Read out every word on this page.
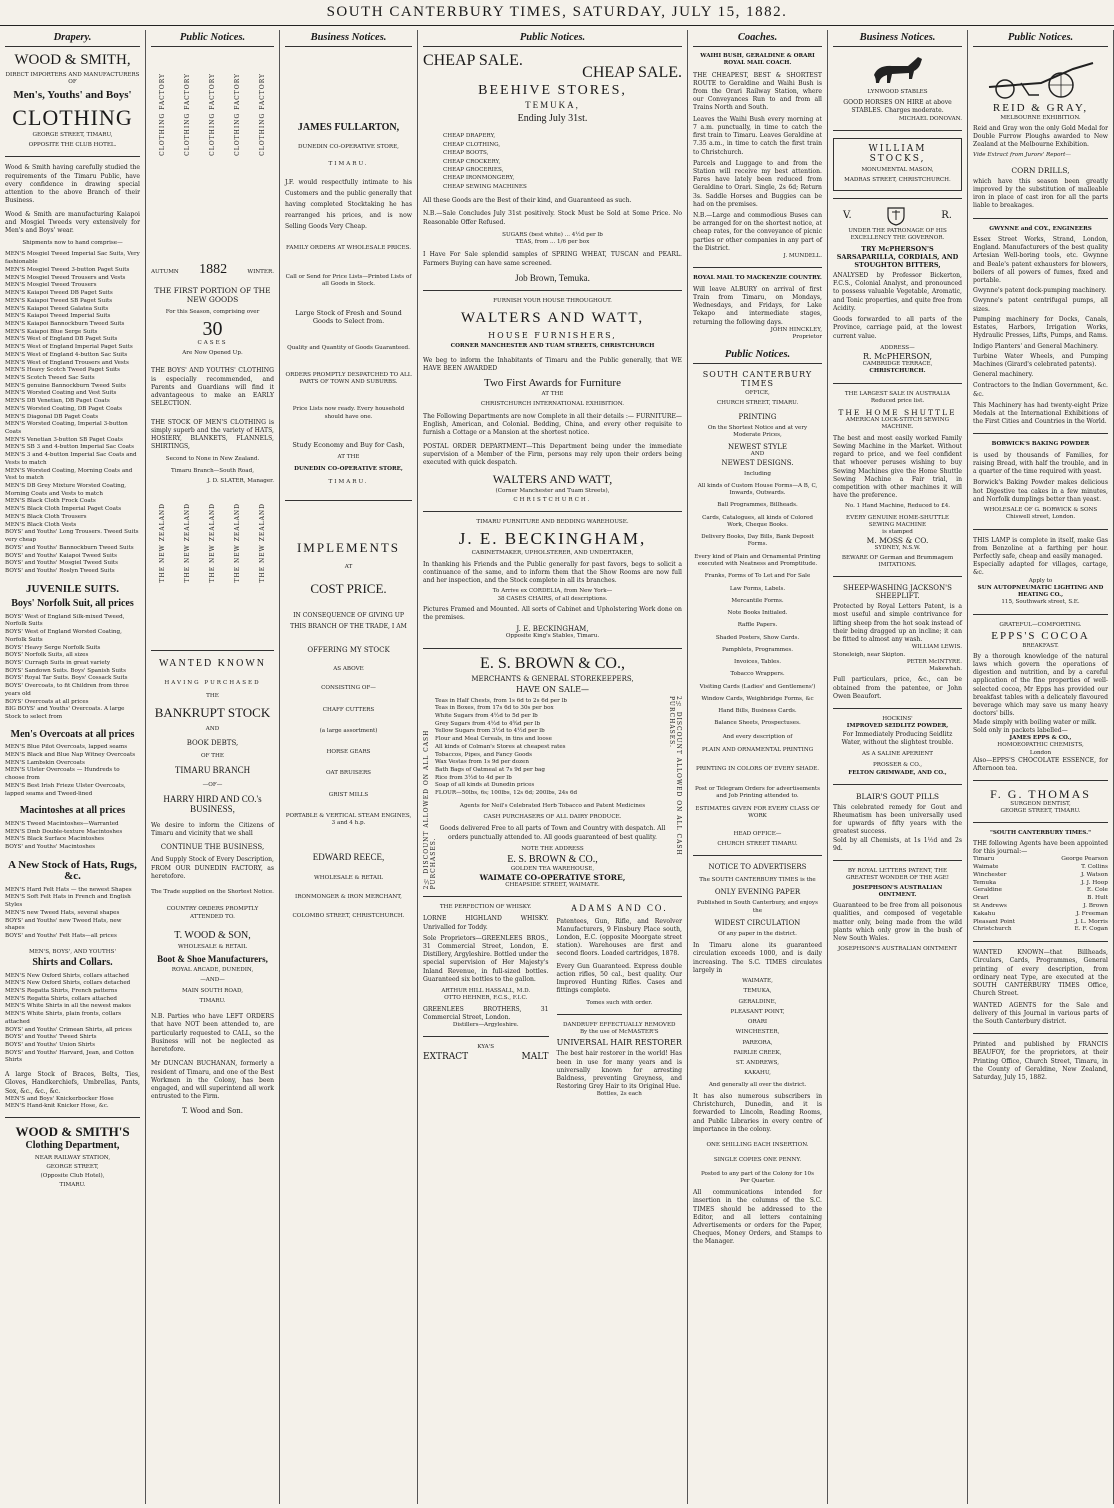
SOUTH CANTERBURY TIMES, SATURDAY, JULY 15, 1882.
Drapery.
WOOD & SMITH,
DIRECT IMPORTERS AND MANUFACTURERS OF
Men's, Youths' and Boys'
CLOTHING
GEORGE STREET, TIMARU,
OPPOSITE THE CLUB HOTEL.
Wood & Smith having carefully studied the requirements of the Timaru Public, have every confidence in drawing special attention to the above Branch of their Business.
Wood & Smith are manufacturing Kaiapoi and Mosgiel Tweeds very extensively for Men's and Boys' wear.
Shipments now to hand comprise—
MEN'S Mosgiel Tweed Imperial Sac Suits, Very fashionable
MEN'S Mosgiel Tweed 3-button Paget Suits
MEN'S Mosgiel Tweed Trousers and Vests
MEN'S Mosgiel Tweed Trousers
MEN'S Kaiapoi Tweed DB Paget Suits
MEN'S Kaiapoi Tweed SB Paget Suits
MEN'S Kaiapoi Tweed Galatea Suits
MEN'S Kaiapoi Tweed Imperial Suits
MEN'S Kaiapoi Bannockburn Tweed Suits
MEN'S Kaiapoi Blue Serge Suits
MEN'S West of England DB Paget Suits
MEN'S West of England Imperial Paget Suits
MEN'S West of England 4-button Sac Suits
MEN'S West of England Trousers and Vests
MEN'S Heavy Scotch Tweed Paget Suits
MEN'S Scotch Tweed Sac Suits
MEN'S genuine Bannockburn Tweed Suits
MEN'S Worsted Coating and Vest Suits
MEN'S DB Venetian, DB Paget Coats
MEN'S Worsted Coating, DB Paget Coats
MEN'S Diagonal DB Paget Coats
MEN'S Worsted Coating, Imperial 3-button Coats
MEN'S Venetian 3-button SB Paget Coats
MEN'S SB 3 and 4-button Imperial Sac Coats
MEN'S 3 and 4-button Imperial Sac Coats and Vests to match
MEN'S Worsted Coating, Morning Coats and Vest to match
MEN'S DB Grey Mixture Worsted Coating, Morning Coats and Vests to match
MEN'S Black Cloth Frock Coats
MEN'S Black Cloth Imperial Paget Coats
MEN'S Black Cloth Trousers
MEN'S Black Cloth Vests
BOYS' and Youths' Long Trousers. Tweed Suits very cheap
BOYS' and Youths' Bannockburn Tweed Suits
BOYS' and Youths' Kaiapoi Tweed Suits
BOYS' and Youths' Mosgiel Tweed Suits
BOYS' and Youths' Roslyn Tweed Suits
JUVENILE SUITS.
Boys' Norfolk Suit, all prices
BOYS' West of England Silk-mixed Tweed, Norfolk Suits
BOYS' West of England Worsted Coating, Norfolk Suits
BOYS' Heavy Serge Norfolk Suits
BOYS' Norfolk Suits, all sizes
BOYS' Curragh Suits in great variety
BOYS' Sandown Suits. Boys' Spanish Suits
BOYS' Royal Tar Suits. Boys' Cossack Suits
BOYS' Overcoats, to fit Children from three years old
BOYS' Overcoats at all prices
BIG BOYS' and Youths' Overcoats. A large Stock to select from
Men's Overcoats at all prices
MEN'S Blue Pilot Overcoats, lapped seams
MEN'S Black and Blue Nap Witney Overcoats
MEN'S Lambskin Overcoats
MEN'S Ulster Overcoats — Hundreds to choose from
MEN'S Best Irish Frieze Ulster Overcoats, lapped seams and Tweed-lined
Macintoshes at all prices
MEN'S Tweed Macintoshes—Warranted
MEN'S Dmb Double-texture Macintoshes
MEN'S Black Surface Macintoshes
BOYS' and Youths' Macintoshes
A New Stock of Hats, Rugs, &c.
MEN'S Hard Felt Hats — the newest Shapes
MEN'S Soft Felt Hats in French and English Styles
MEN'S new Tweed Hats, several shapes
BOYS' and Youths' new Tweed Hats, new shapes
BOYS' and Youths' Felt Hats—all prices
MEN'S, BOYS', AND YOUTHS'
Shirts and Collars.
MEN'S New Oxford Shirts, collars attached
MEN'S New Oxford Shirts, collars detached
MEN'S Regatta Shirts, French patterns
MEN'S Regatta Shirts, collars attached
MEN'S White Shirts in all the newest makes
MEN'S White Shirts, plain fronts, collars attached
BOYS' and Youths' Crimean Shirts, all prices
BOYS' and Youths' Tweed Shirts
BOYS' and Youths' Union Shirts
BOYS' and Youths' Harvard, Jean, and Cotton Shirts
A large Stock of Braces, Belts, Ties, Gloves, Handkerchiefs, Umbrellas, Pants, Sox, &c., &c., &c.
MEN'S and Boys' Knickerbocker Hose
MEN'S Hand-knit Knicker Hose, &c.
WOOD & SMITH'S
Clothing Department,
NEAR RAILWAY STATION,
GEORGE STREET,
(Opposite Club Hotel),
TIMARU.
Public Notices.
CLOTHING FACTORY	CLOTHING FACTORY	CLOTHING FACTORY	CLOTHING FACTORY	CLOTHING FACTORY
AUTUMN 1882	WINTER.
THE FIRST PORTION OF THE NEW GOODS
For this Season, comprising over
30
CASES
Are Now Opened Up.
THE BOYS' AND YOUTHS' CLOTHING is especially recommended, and Parents and Guardians will find it advantageous to make an EARLY SELECTION.
THE STOCK OF MEN'S CLOTHING is simply superb and the variety of HATS, HOSIERY, BLANKETS, FLANNELS, SHIRTINGS,
Second to None in New Zealand.
Timaru Branch—South Road,
J. D. SLATER, Manager.
THE NEW ZEALAND	THE NEW ZEALAND	THE NEW ZEALAND	THE NEW ZEALAND	THE NEW ZEALAND
WANTED KNOWN
HAVING PURCHASED
THE
BANKRUPT STOCK
AND
BOOK DEBTS,
OF THE
TIMARU BRANCH
—OF—
HARRY HIRD AND CO.'s BUSINESS,
We desire to inform the Citizens of Timaru and vicinity that we shall
CONTINUE THE BUSINESS,
And Supply Stock of Every Description, FROM OUR DUNEDIN FACTORY, as heretofore.
The Trade supplied on the Shortest Notice.
COUNTRY ORDERS PROMPTLY ATTENDED TO.
T. WOOD & SON,
WHOLESALE & RETAIL
Boot & Shoe Manufacturers,
ROYAL ARCADE, DUNEDIN,
—AND—
MAIN SOUTH ROAD,
TIMARU.
N.B. Parties who have LEFT ORDERS that have NOT been attended to, are particularly requested to CALL, so the Business will not be neglected as heretofore.
Mr DUNCAN BUCHANAN, formerly a resident of Timaru, and one of the Best Workmen in the Colony, has been engaged, and will superintend all work entrusted to the Firm.
T. Wood and Son.
Business Notices.
JAMES FULLARTON,
DUNEDIN CO-OPERATIVE STORE,
TIMARU.
J.F. would respectfully intimate to his Customers and the public generally that having completed Stocktaking he has rearranged his prices, and is now Selling Goods Very Cheap.
FAMILY ORDERS AT WHOLESALE PRICES.
Call or Send for Price Lists—Printed Lists of all Goods in Stock.
Large Stock of Fresh and Sound Goods to Select from.
Quality and Quantity of Goods Guaranteed.
ORDERS PROMPTLY DESPATCHED TO ALL PARTS OF TOWN AND SUBURBS.
Price Lists now ready. Every household should have one.
Study Economy and Buy for Cash,
AT THE
DUNEDIN CO-OPERATIVE STORE,
TIMARU.
IMPLEMENTS
AT
COST PRICE.
IN CONSEQUENCE OF GIVING UP THIS BRANCH OF THE TRADE, I AM
OFFERING MY STOCK
AS ABOVE
CONSISTING OF—
CHAFF CUTTERS
(a large assortment)
HORSE GEARS
OAT BRUISERS
GRIST MILLS
PORTABLE & VERTICAL STEAM ENGINES, 3 and 4 h.p.
EDWARD REECE,
WHOLESALE & RETAIL
IRONMONGER & IRON MERCHANT,
COLOMBO STREET, CHRISTCHURCH.
Public Notices.
CHEAP SALE.
CHEAP SALE.
BEEHIVE STORES,
TEMUKA,
Ending July 31st.
CHEAP DRAPERY,
CHEAP CLOTHING,
CHEAP BOOTS,
CHEAP CROCKERY,
CHEAP GROCERIES,
CHEAP IRONMONGERY,
CHEAP SEWING MACHINES
All these Goods are the Best of their kind, and Guaranteed as such.
N.B.—Sale Concludes July 31st positively. Stock Must be Sold at Some Price. No Reasonable Offer Refused.
SUGARS (best white) ... 4½d per lb
TEAS, from ... 1/6 per box
I Have For Sale splendid samples of SPRING WHEAT, TUSCAN and PEARL. Farmers Buying can have same screened.
Job Brown, Temuka.
FURNISH YOUR HOUSE THROUGHOUT.
WALTERS AND WATT,
HOUSE FURNISHERS,
CORNER MANCHESTER AND TUAM STREETS, CHRISTCHURCH
We beg to inform the Inhabitants of Timaru and the Public generally, that WE HAVE BEEN AWARDED
Two First Awards for Furniture
AT THE
CHRISTCHURCH INTERNATIONAL EXHIBITION.
The Following Departments are now Complete in all their details :— FURNITURE—English, American, and Colonial. Bedding, China, and every other requisite to furnish a Cottage or a Mansion at the shortest notice.
POSTAL ORDER DEPARTMENT—This Department being under the immediate supervision of a Member of the Firm, persons may rely upon their orders being executed with quick despatch.
WALTERS AND WATT,
(Corner Manchester and Tuam Streets),
CHRISTCHURCH.
TIMARU FURNITURE AND BEDDING WAREHOUSE.
J. E. BECKINGHAM,
CABINETMAKER, UPHOLSTERER, AND UNDERTAKER,
In thanking his Friends and the Public generally for past favors, begs to solicit a continuance of the same, and to inform them that the Show Rooms are now full and her inspection, and the Stock complete in all its branches.
To Arrive ex CORDELIA, from New York—
38 CASES CHAIRS, of all descriptions.
Pictures Framed and Mounted. All sorts of Cabinet and Upholstering Work done on the premises.
J. E. BECKINGHAM,
Opposite King's Stables, Timaru.
2½ DISCOUNT ALLOWED ON ALL CASH PURCHASES.
2½ DISCOUNT ALLOWED ON ALL CASH PURCHASES.
E. S. BROWN & CO.,
MERCHANTS & GENERAL STOREKEEPERS,
HAVE ON SALE—
Teas in Half Chests, from 1s 6d to 2s 6d per lb
Teas in Boxes, from 17s 6d to 30s per box
White Sugars from 4½d to 5d per lb
Grey Sugars from 4½d to 4¾d per lb
Yellow Sugars from 3½d to 4½d per lb
Flour and Meal Cereals, in tins and loose
All kinds of Colman's Stores at cheapest rates
Tobaccos, Pipes, and Fancy Goods
Wax Vestas from 1s 9d per dozen
Bath Bags of Oatmeal at 7s 9d per bag
Rice from 3½d to 4d per lb
Soap of all kinds at Dunedin prices
FLOUR—50lbs, 6s; 100lbs, 12s 6d; 200lbs, 24s 6d
Agents for Neil's Celebrated Herb Tobacco and Patent Medicines
CASH PURCHASERS OF ALL DAIRY PRODUCE.
Goods delivered Free to all parts of Town and Country with despatch. All orders punctually attended to. All goods guaranteed of best quality.
NOTE THE ADDRESS
E. S. BROWN & CO.,
GOLDEN TEA WAREHOUSE,
WAIMATE CO-OPERATIVE STORE,
CHEAPSIDE STREET, WAIMATE.
THE PERFECTION OF WHISKY.
LORNE HIGHLAND WHISKY. Unrivalled for Toddy.
Sole Proprietors—GREENLEES BROS., 31 Commercial Street, London, E. Distillery, Argyleshire. Bottled under the special supervision of Her Majesty's Inland Revenue, in full-sized bottles. Guaranteed six bottles to the gallon.
ARTHUR HILL HASSALL, M.D.
OTTO HEHNER, F.C.S., F.I.C.
GREENLEES BROTHERS, 31 Commercial Street, London.
Distillers—Argyleshire.
KYA'S
EXTRACT	MALT
ADAMS AND CO.
Patentees, Gun, Rifle, and Revolver Manufacturers, 9 Finsbury Place south, London, E.C. (opposite Moorgate street station). Warehouses are first and second floors. Loaded cartridges, 1878.
Every Gun Guaranteed. Express double action rifles, 50 cal., best quality. Our Improved Hunting Rifles. Cases and fittings complete.
Tomes such with order.
DANDRUFF EFFECTUALLY REMOVED
By the use of McMASTER'S
UNIVERSAL HAIR RESTORER
The best hair restorer in the world! Has been in use for many years and is universally known for arresting Baldness, preventing Greyness, and Restoring Grey Hair to its Original Hue.
Bottles, 2s each
Coaches.
WAIHI BUSH, GERALDINE & ORARI ROYAL MAIL COACH.
THE CHEAPEST, BEST & SHORTEST ROUTE to Geraldine and Waihi Bush is from the Orari Railway Station, where our Conveyances Run to and from all Trains North and South.
Leaves the Waihi Bush every morning at 7 a.m. punctually, in time to catch the first train to Timaru. Leaves Geraldine at 7.35 a.m., in time to catch the first train to Christchurch.
Parcels and Luggage to and from the Station will receive my best attention. Fares have lately been reduced from Geraldine to Orari. Single, 2s 6d; Return 3s. Saddle Horses and Buggies can be had on the premises.
N.B.—Large and commodious Buses can be arranged for on the shortest notice, at cheap rates, for the conveyance of picnic parties or other companies in any part of the District.
J. MUNDELL.
ROYAL MAIL TO MACKENZIE COUNTRY.
Will leave ALBURY on arrival of first Train from Timaru, on Mondays, Wednesdays, and Fridays, for Lake Tekapo and intermediate stages, returning the following days.
JOHN HINCKLEY,
Proprietor
Public Notices.
SOUTH CANTERBURY TIMES
OFFICE,
CHURCH STREET, TIMARU.
PRINTING
On the Shortest Notice and at very
Moderate Prices,
NEWEST STYLE
AND
NEWEST DESIGNS.
Including
All kinds of Custom House Forms—A B, C, Inwards, Outwards.
Ball Programmes, Billheads.
Cards, Catalogues, all kinds of Colored Work, Cheque Books.
Delivery Books, Day Bills, Bank Deposit Forms.
Every kind of Plain and Ornamental Printing executed with Neatness and Promptitude.
Franks, Forms of To Let and For Sale
Law Forms, Labels.
Mercantile Forms.
Note Books Initialed.
Raffle Papers.
Shaded Posters, Show Cards.
Pamphlets, Programmes.
Invoices, Tables.
Tobacco Wrappers.
Visiting Cards (Ladies' and Gentlemens')
Window Cards, Weighbridge Forms, &c
Hand Bills, Business Cards.
Balance Sheets, Prospectuses.
And every description of
PLAIN AND ORNAMENTAL PRINTING
PRINTING IN COLORS OF EVERY SHADE.
Post or Telegram Orders for advertisements and Job Printing attended to.
ESTIMATES GIVEN FOR EVERY CLASS OF WORK
HEAD OFFICE—
CHURCH STREET TIMARU.
NOTICE TO ADVERTISERS
The SOUTH CANTERBURY TIMES is the
ONLY EVENING PAPER
Published in South Canterbury, and enjoys the
WIDEST CIRCULATION
Of any paper in the district.
In Timaru alone its guaranteed circulation exceeds 1000, and is daily increasing. The S.C. TIMES circulates largely in
WAIMATE,
TEMUKA,
GERALDINE,
PLEASANT POINT,
ORARI
WINCHESTER,
PAREORA,
FAIRLIE CREEK,
ST. ANDREWS,
KAKAHU,
And generally all over the district.
It has also numerous subscribers in Christchurch, Dunedin, and it is forwarded to Lincoln, Reading Rooms, and Public Libraries in every centre of importance in the colony.
ONE SHILLING EACH INSERTION.
SINGLE COPIES ONE PENNY.
Posted to any part of the Colony for 10s
Per Quarter.
All communications intended for insertion in the columns of the S.C. TIMES should be addressed to the Editor, and all letters containing Advertisements or orders for the Paper, Cheques, Money Orders, and Stamps to the Manager.
Business Notices.
LYNWOOD STABLES
GOOD HORSES ON HIRE at above STABLES. Charges moderate.
MICHAEL DONOVAN.
WILLIAM STOCKS,
MONUMENTAL MASON,
MADRAS STREET, CHRISTCHURCH.
V.	R.
UNDER THE PATRONAGE OF HIS EXCELLENCY THE GOVERNOR.
TRY McPHERSON'S SARSAPARILLA, CORDIALS, AND STOUGHTON BITTERS,
ANALYSED by Professor Bickerton, F.C.S., Colonial Analyst, and pronounced to possess valuable Vegetable, Aromatic, and Tonic properties, and quite free from Acidity.
Goods forwarded to all parts of the Province, carriage paid, at the lowest current value.
ADDRESS—
R. McPHERSON,
CAMBRIDGE TERRACE,
CHRISTCHURCH.
THE LARGEST SALE IN AUSTRALIA
Reduced price list.
THE HOME SHUTTLE
AMERICAN LOCK-STITCH SEWING MACHINE.
The best and most easily worked Family Sewing Machine in the Market. Without regard to price, and we feel confident that whoever peruses wishing to buy Sewing Machines give the Home Shuttle Sewing Machine a Fair trial, in competition with other machines it will have the preference.
No. 1 Hand Machine, Reduced to £4.
EVERY GENUINE HOME-SHUTTLE SEWING MACHINE
is stamped
M. MOSS & CO.
SYDNEY, N.S.W.
BEWARE OF German and Brummagem IMITATIONS.
SHEEP-WASHING JACKSON'S SHEEPLIFT.
Protected by Royal Letters Patent, is a most useful and simple contrivance for lifting sheep from the hot soak instead of their being dragged up an incline; it can be fitted to almost any wash.
WILLIAM LEWIS.
Stoneleigh, near Skipton.
PETER McINTYRE.
Makewhah.
Full particulars, price, &c., can be obtained from the patentee, or John Owen Beaufort.
HOCKINS'
IMPROVED SEIDLITZ POWDER,
For Immediately Producing Seidlitz Water, without the slightest trouble.
AS A SALINE APERIENT
PROSSER & CO.,
FELTON GRIMWADE, AND CO.,
BLAIR'S GOUT PILLS
This celebrated remedy for Gout and Rheumatism has been universally used for upwards of fifty years with the greatest success.
Sold by all Chemists, at 1s 1½d and 2s 9d.
BY ROYAL LETTERS PATENT, THE GREATEST WONDER OF THE AGE!
JOSEPHSON'S AUSTRALIAN OINTMENT.
Guaranteed to be free from all poisonous qualities, and composed of vegetable matter only, being made from the wild plants which only grow in the bush of New South Wales.
JOSEPHSON'S AUSTRALIAN OINTMENT
Public Notices.
REID & GRAY,
MELBOURNE EXHIBITION.
Reid and Gray won the only Gold Medal for Double Furrow Ploughs awarded to New Zealand at the Melbourne Exhibition.
Vide Extract from Jurors' Report—
CORN DRILLS,
which have this season been greatly improved by the substitution of malleable iron in place of cast iron for all the parts liable to breakages.
GWYNNE and COY., ENGINEERS
Essex Street Works, Strand, London, England. Manufacturers of the best quality Artesian Well-boring tools, etc. Gwynne and Beale's patent exhausters for blowers, boilers of all powers of fumes, fixed and portable.
Gwynne's patent dock-pumping machinery.
Gwynne's patent centrifugal pumps, all sizes.
Pumping machinery for Docks, Canals, Estates, Harbors, Irrigation Works, Hydraulic Presses, Lifts, Pumps, and Rams.
Indigo Planters' and General Machinery.
Turbine Water Wheels, and Pumping Machines (Girard's celebrated patents).
General machinery.
Contractors to the Indian Government, &c. &c.
This Machinery has had twenty-eight Prize Medals at the International Exhibitions of the First Cities and Countries in the World.
BORWICK'S BAKING POWDER
is used by thousands of Families, for raising Bread, with half the trouble, and in a quarter of the time required with yeast.
Borwick's Baking Powder makes delicious hot Digestive tea cakes in a few minutes, and Norfolk dumplings better than yeast.
WHOLESALE OF G. BORWICK & SONS
Chiswell street, London.
THIS LAMP is complete in itself, make Gas from Benzoline at a farthing per hour. Perfectly safe, cheap and easily managed.
Especially adapted for villages, cartage, &c.
Apply to
SUN AUTOPNEUMATIC LIGHTING AND HEATING CO.,
115, Southwark street, S.E.
GRATEFUL—COMFORTING.
EPPS'S COCOA
BREAKFAST.
By a thorough knowledge of the natural laws which govern the operations of digestion and nutrition, and by a careful application of the fine properties of well-selected cocoa, Mr Epps has provided our breakfast tables with a delicately flavoured beverage which may save us many heavy doctors' bills.
Made simply with boiling water or milk.
Sold only in packets labelled—
JAMES EPPS & CO.,
HOMOEOPATHIC CHEMISTS,
London
Also—EPPS'S CHOCOLATE ESSENCE, for Afternoon tea.
F. G. THOMAS
SURGEON DENTIST,
GEORGE STREET, TIMARU.
"SOUTH CANTERBURY TIMES."
THE following Agents have been appointed for this journal:—
Timaru	George Pearson
Waimate	T. Collins
Winchester	J. Watson
Temuka	J. J. Hoop
Geraldine	E. Cole
Orari	B. Hult
St Andrews	J. Brown
Kakahu	J. Freeman
Pleasant Point	J. L. Morris
Christchurch	E. F. Cogan
WANTED KNOWN—that Billheads, Circulars, Cards, Programmes, General printing of every description, from ordinary neat Type, are executed at the SOUTH CANTERBURY TIMES Office, Church Street.
WANTED AGENTS for the Sale and delivery of this Journal in various parts of the South Canterbury district.
Printed and published by FRANCIS BEAUFOY, for the proprietors, at their Printing Office, Church Street, Timaru, in the County of Geraldine, New Zealand, Saturday, July 15, 1882.
